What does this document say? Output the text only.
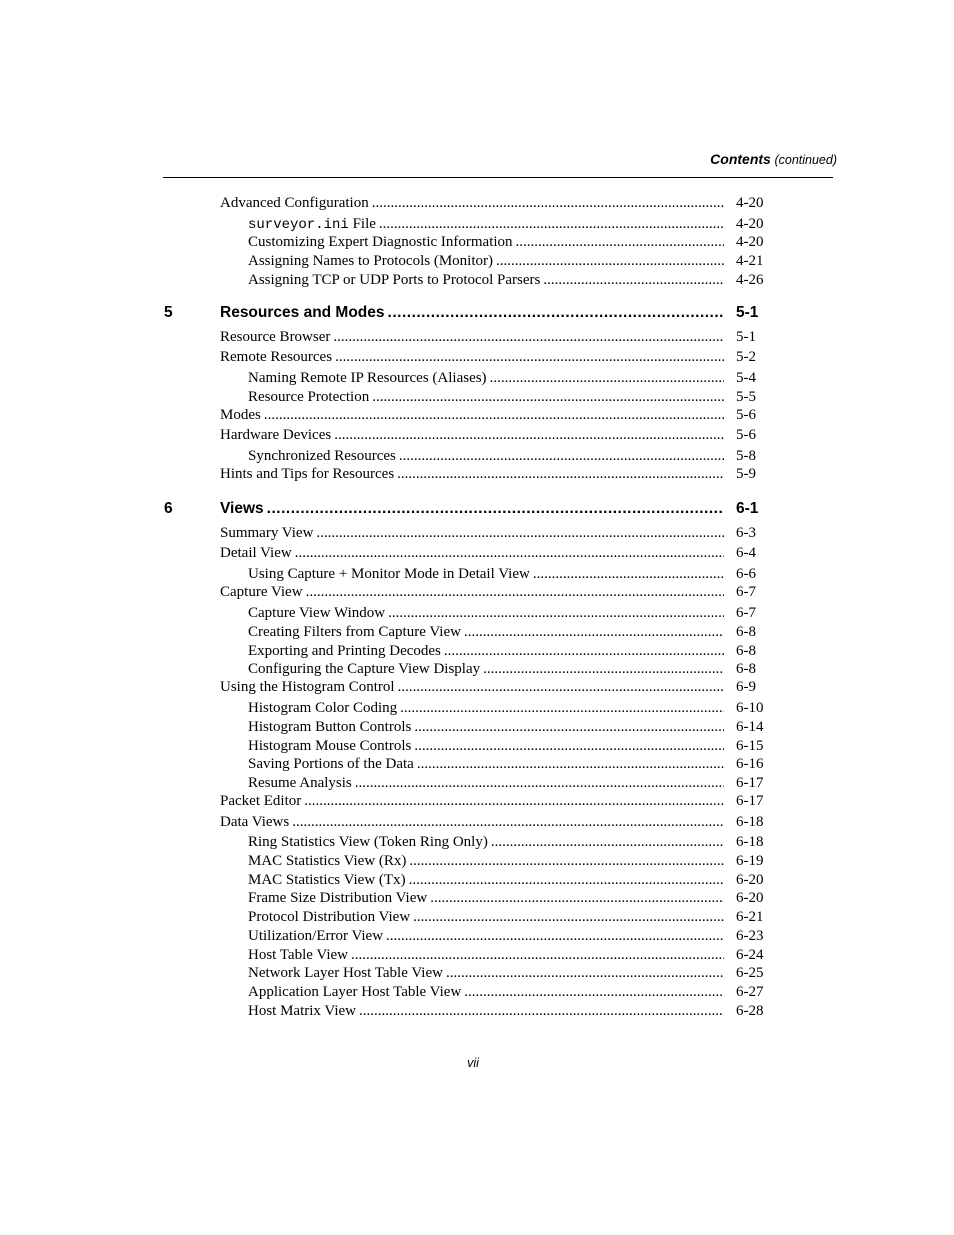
Contents (continued)
Advanced Configuration .....	4-20
surveyor.ini File .....	4-20
Customizing Expert Diagnostic Information .....	4-20
Assigning Names to Protocols (Monitor) .....	4-21
Assigning TCP or UDP Ports to Protocol Parsers .....	4-26
5	Resources and Modes .....	5-1
Resource Browser .....	5-1
Remote Resources .....	5-2
Naming Remote IP Resources (Aliases) .....	5-4
Resource Protection .....	5-5
Modes .....	5-6
Hardware Devices .....	5-6
Synchronized Resources .....	5-8
Hints and Tips for Resources .....	5-9
6	Views .....	6-1
Summary View .....	6-3
Detail View .....	6-4
Using Capture + Monitor Mode in Detail View .....	6-6
Capture View .....	6-7
Capture View Window .....	6-7
Creating Filters from Capture View .....	6-8
Exporting and Printing Decodes .....	6-8
Configuring the Capture View Display .....	6-8
Using the Histogram Control .....	6-9
Histogram Color Coding .....	6-10
Histogram Button Controls .....	6-14
Histogram Mouse Controls .....	6-15
Saving Portions of the Data .....	6-16
Resume Analysis .....	6-17
Packet Editor .....	6-17
Data Views .....	6-18
Ring Statistics View (Token Ring Only) .....	6-18
MAC Statistics View (Rx) .....	6-19
MAC Statistics View (Tx) .....	6-20
Frame Size Distribution View .....	6-20
Protocol Distribution View .....	6-21
Utilization/Error View .....	6-23
Host Table View .....	6-24
Network Layer Host Table View .....	6-25
Application Layer Host Table View .....	6-27
Host Matrix View .....	6-28
vii
